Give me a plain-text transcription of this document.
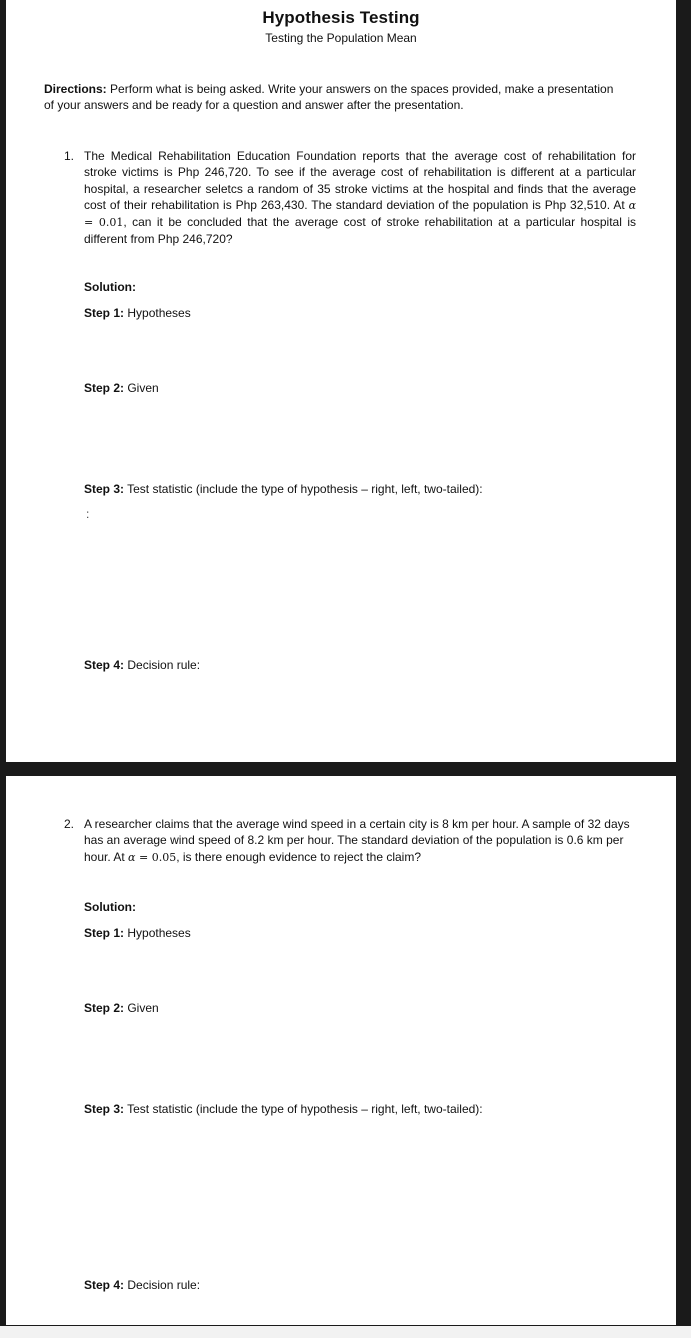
Hypothesis Testing
Testing the Population Mean
Directions: Perform what is being asked. Write your answers on the spaces provided, make a presentation of your answers and be ready for a question and answer after the presentation.
1. The Medical Rehabilitation Education Foundation reports that the average cost of rehabilitation for stroke victims is Php 246,720. To see if the average cost of rehabilitation is different at a particular hospital, a researcher seletcs a random of 35 stroke victims at the hospital and finds that the average cost of their rehabilitation is Php 263,430. The standard deviation of the population is Php 32,510. At α = 0.01, can it be concluded that the average cost of stroke rehabilitation at a particular hospital is different from Php 246,720?
Solution:
Step 1: Hypotheses
Step 2: Given
Step 3: Test statistic (include the type of hypothesis – right, left, two-tailed):
:
Step 4: Decision rule:
2. A researcher claims that the average wind speed in a certain city is 8 km per hour. A sample of 32 days has an average wind speed of 8.2 km per hour. The standard deviation of the population is 0.6 km per hour. At α = 0.05, is there enough evidence to reject the claim?
Solution:
Step 1: Hypotheses
Step 2: Given
Step 3: Test statistic (include the type of hypothesis – right, left, two-tailed):
Step 4: Decision rule:
